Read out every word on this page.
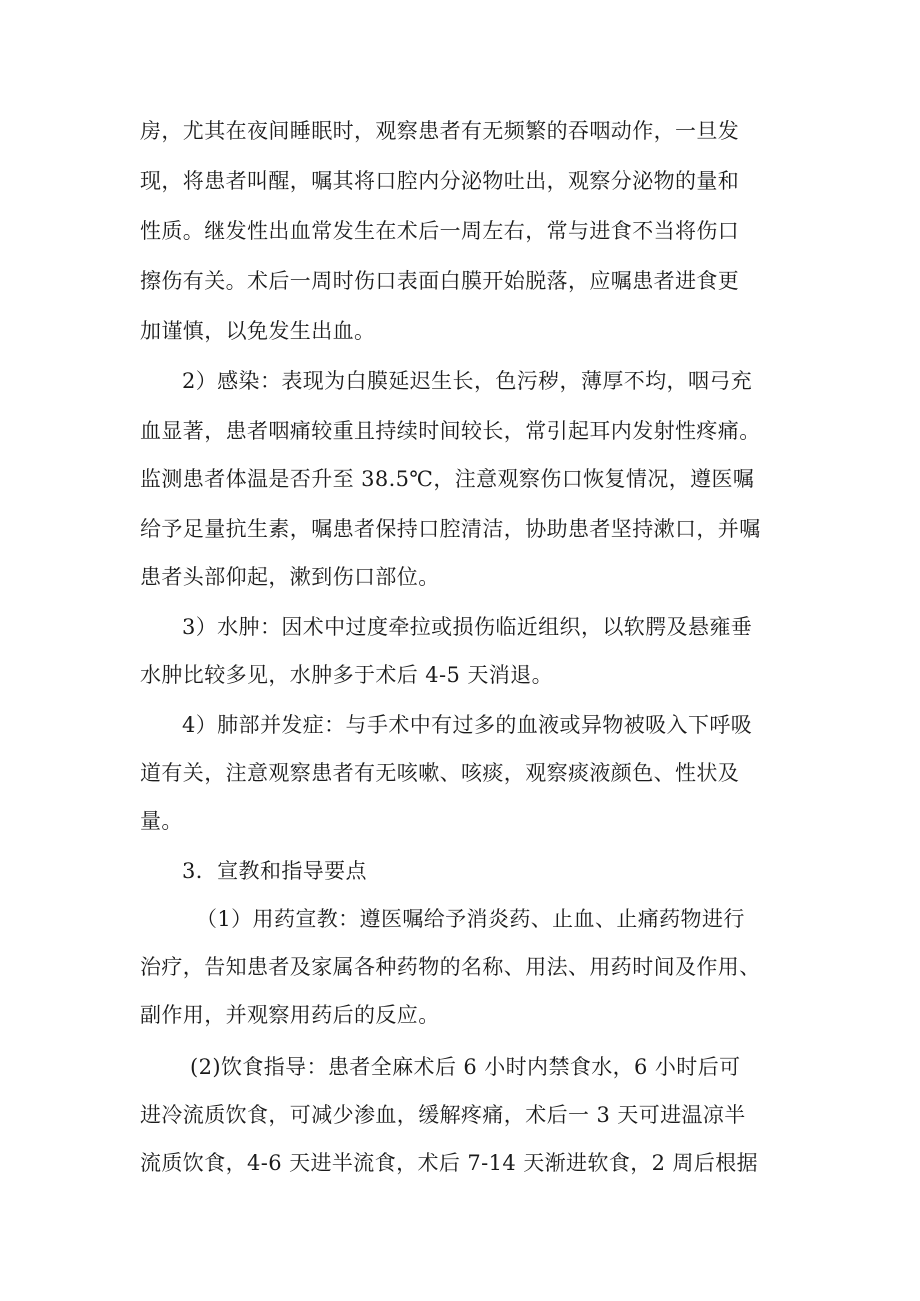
房，尤其在夜间睡眠时，观察患者有无频繁的吞咽动作，一旦发
现，将患者叫醒，嘱其将口腔内分泌物吐出，观察分泌物的量和
性质。继发性出血常发生在术后一周左右，常与进食不当将伤口
擦伤有关。术后一周时伤口表面白膜开始脱落，应嘱患者进食更
加谨慎，以免发生出血。
2）感染：表现为白膜延迟生长，色污秽，薄厚不均，咽弓充
血显著，患者咽痛较重且持续时间较长，常引起耳内发射性疼痛。
监测患者体温是否升至 38.5℃，注意观察伤口恢复情况，遵医嘱
给予足量抗生素，嘱患者保持口腔清洁，协助患者坚持漱口，并嘱
患者头部仰起，漱到伤口部位。
3）水肿：因术中过度牵拉或损伤临近组织，以软腭及悬雍垂
水肿比较多见，水肿多于术后 4-5 天消退。
4）肺部并发症：与手术中有过多的血液或异物被吸入下呼吸
道有关，注意观察患者有无咳嗽、咳痰，观察痰液颜色、性状及
量。
3．宣教和指导要点
（1）用药宣教：遵医嘱给予消炎药、止血、止痛药物进行
治疗，告知患者及家属各种药物的名称、用法、用药时间及作用、
副作用，并观察用药后的反应。
(2)饮食指导：患者全麻术后 6 小时内禁食水，6 小时后可
进冷流质饮食，可减少渗血，缓解疼痛，术后一 3 天可进温凉半
流质饮食，4-6 天进半流食，术后 7-14 天渐进软食，2 周后根据
